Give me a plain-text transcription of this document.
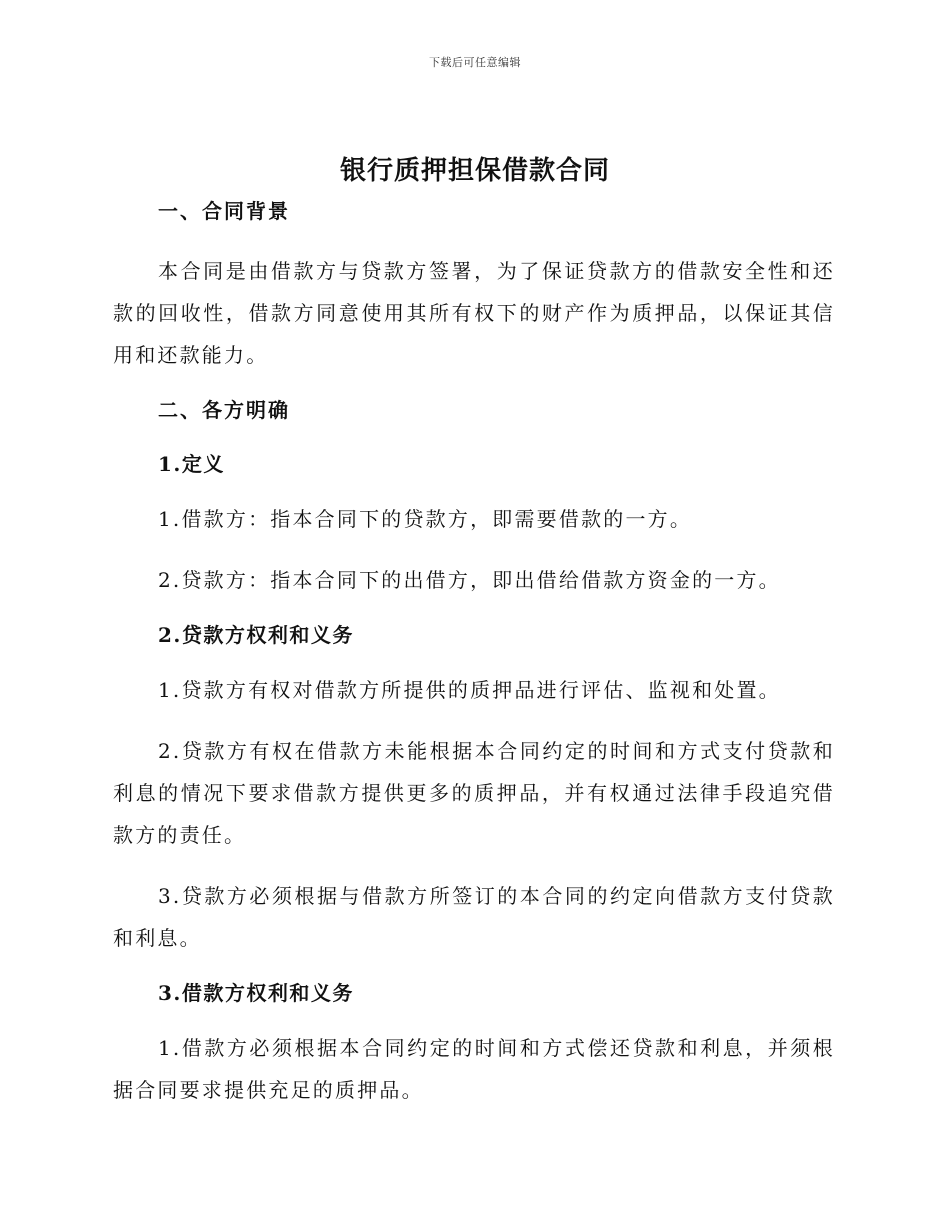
下载后可任意编辑
银行质押担保借款合同
一、合同背景

本合同是由借款方与贷款方签署，为了保证贷款方的借款安全性和还款的回收性，借款方同意使用其所有权下的财产作为质押品，以保证其信用和还款能力。

二、各方明确
1.定义

1.借款方：指本合同下的贷款方，即需要借款的一方。

2.贷款方：指本合同下的出借方，即出借给借款方资金的一方。

2.贷款方权利和义务

1.贷款方有权对借款方所提供的质押品进行评估、监视和处置。

2.贷款方有权在借款方未能根据本合同约定的时间和方式支付贷款和利息的情况下要求借款方提供更多的质押品，并有权通过法律手段追究借款方的责任。

3.贷款方必须根据与借款方所签订的本合同的约定向借款方支付贷款和利息。

3.借款方权利和义务

1.借款方必须根据本合同约定的时间和方式偿还贷款和利息，并须根据合同要求提供充足的质押品。
